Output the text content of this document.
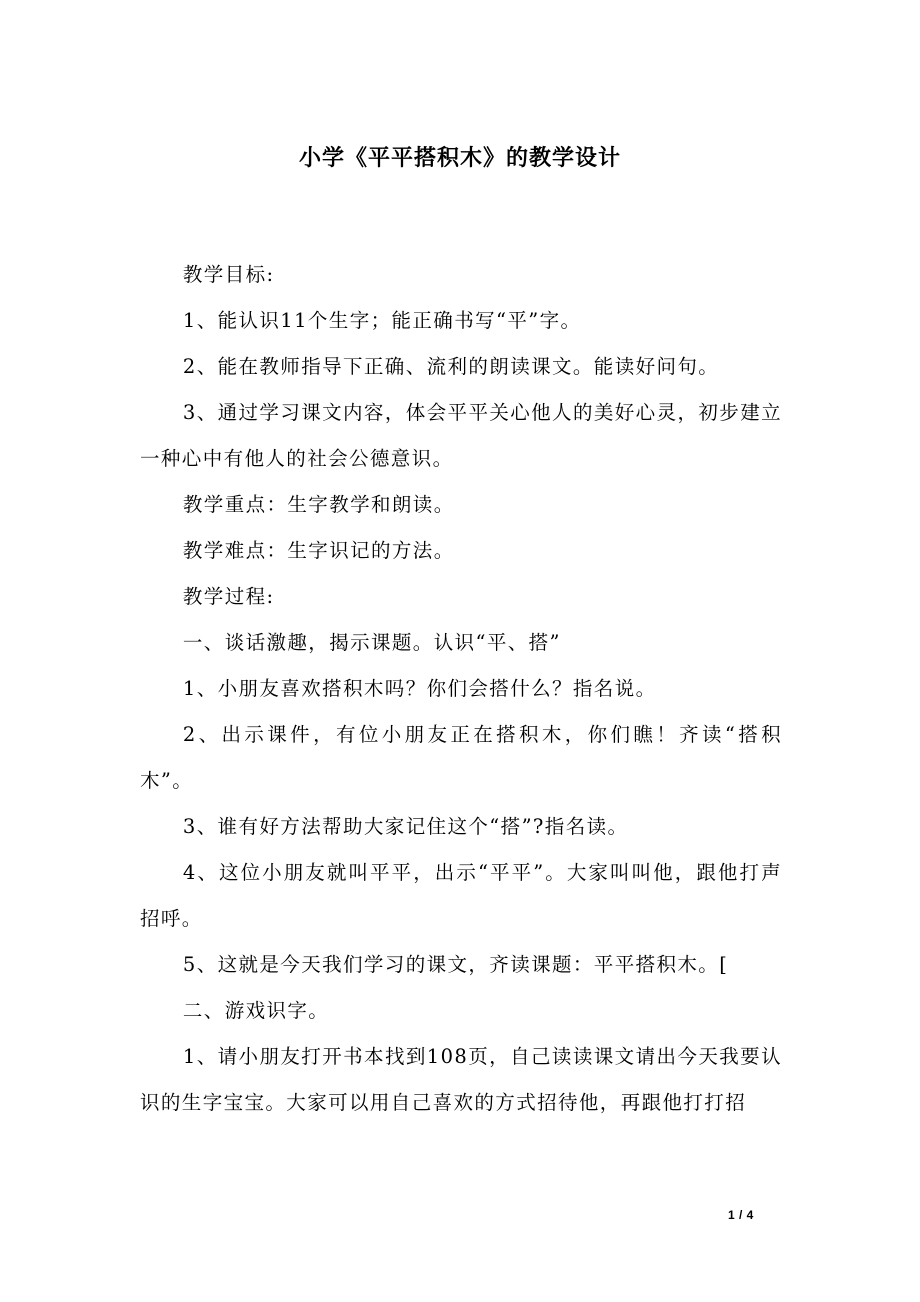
小学《平平搭积木》的教学设计

教学目标:

1、能认识11个生字；能正确书写“平”字。

2、能在教师指导下正确、流利的朗读课文。能读好问句。

3、通过学习课文内容，体会平平关心他人的美好心灵，初步建立一种心中有他人的社会公德意识。

教学重点：生字教学和朗读。

教学难点：生字识记的方法。

教学过程:

一、谈话激趣，揭示课题。认识“平、搭”

1、小朋友喜欢搭积木吗？你们会搭什么？指名说。

2、出示课件，有位小朋友正在搭积木，你们瞧！齐读“搭积木”。

3、谁有好方法帮助大家记住这个“搭”?指名读。

4、这位小朋友就叫平平，出示“平平”。大家叫叫他，跟他打声招呼。

5、这就是今天我们学习的课文，齐读课题：平平搭积木。[

二、游戏识字。

1、请小朋友打开书本找到108页，自己读读课文请出今天我要认识的生字宝宝。大家可以用自己喜欢的方式招待他，再跟他打打招

1 / 4
